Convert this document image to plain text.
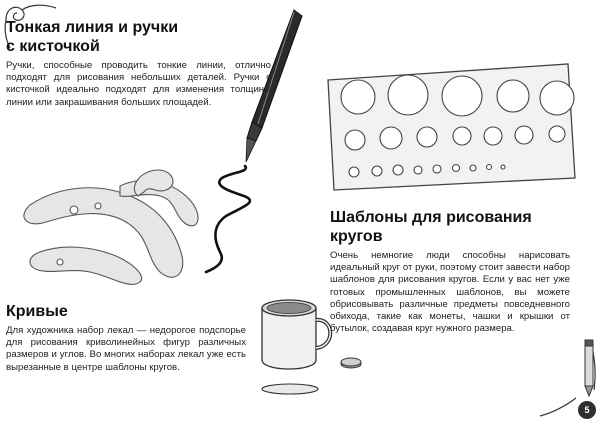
Тонкая линия и ручки
с кисточкой

Ручки, способные проводить тонкие линии, отлично подходят для рисования небольших деталей. Ручки с кисточкой идеально подходят для изменения толщины линии или закрашивания больших площадей.

Шаблоны для рисования кругов

Очень немногие люди способны нарисовать идеальный круг от руки, поэтому стоит завести набор шаблонов для рисования кругов. Если у вас нет уже готовых промышленных шаблонов, вы можете обрисовывать различные предметы повседневного обихода, такие как монеты, чашки и крышки от бутылок, создавая круг нужного размера.

Кривые

Для художника набор лекал — недорогое подспорье для рисования криволинейных фигур различных размеров и углов. Во многих наборах лекал уже есть вырезанные в центре шаблоны кругов.

5
